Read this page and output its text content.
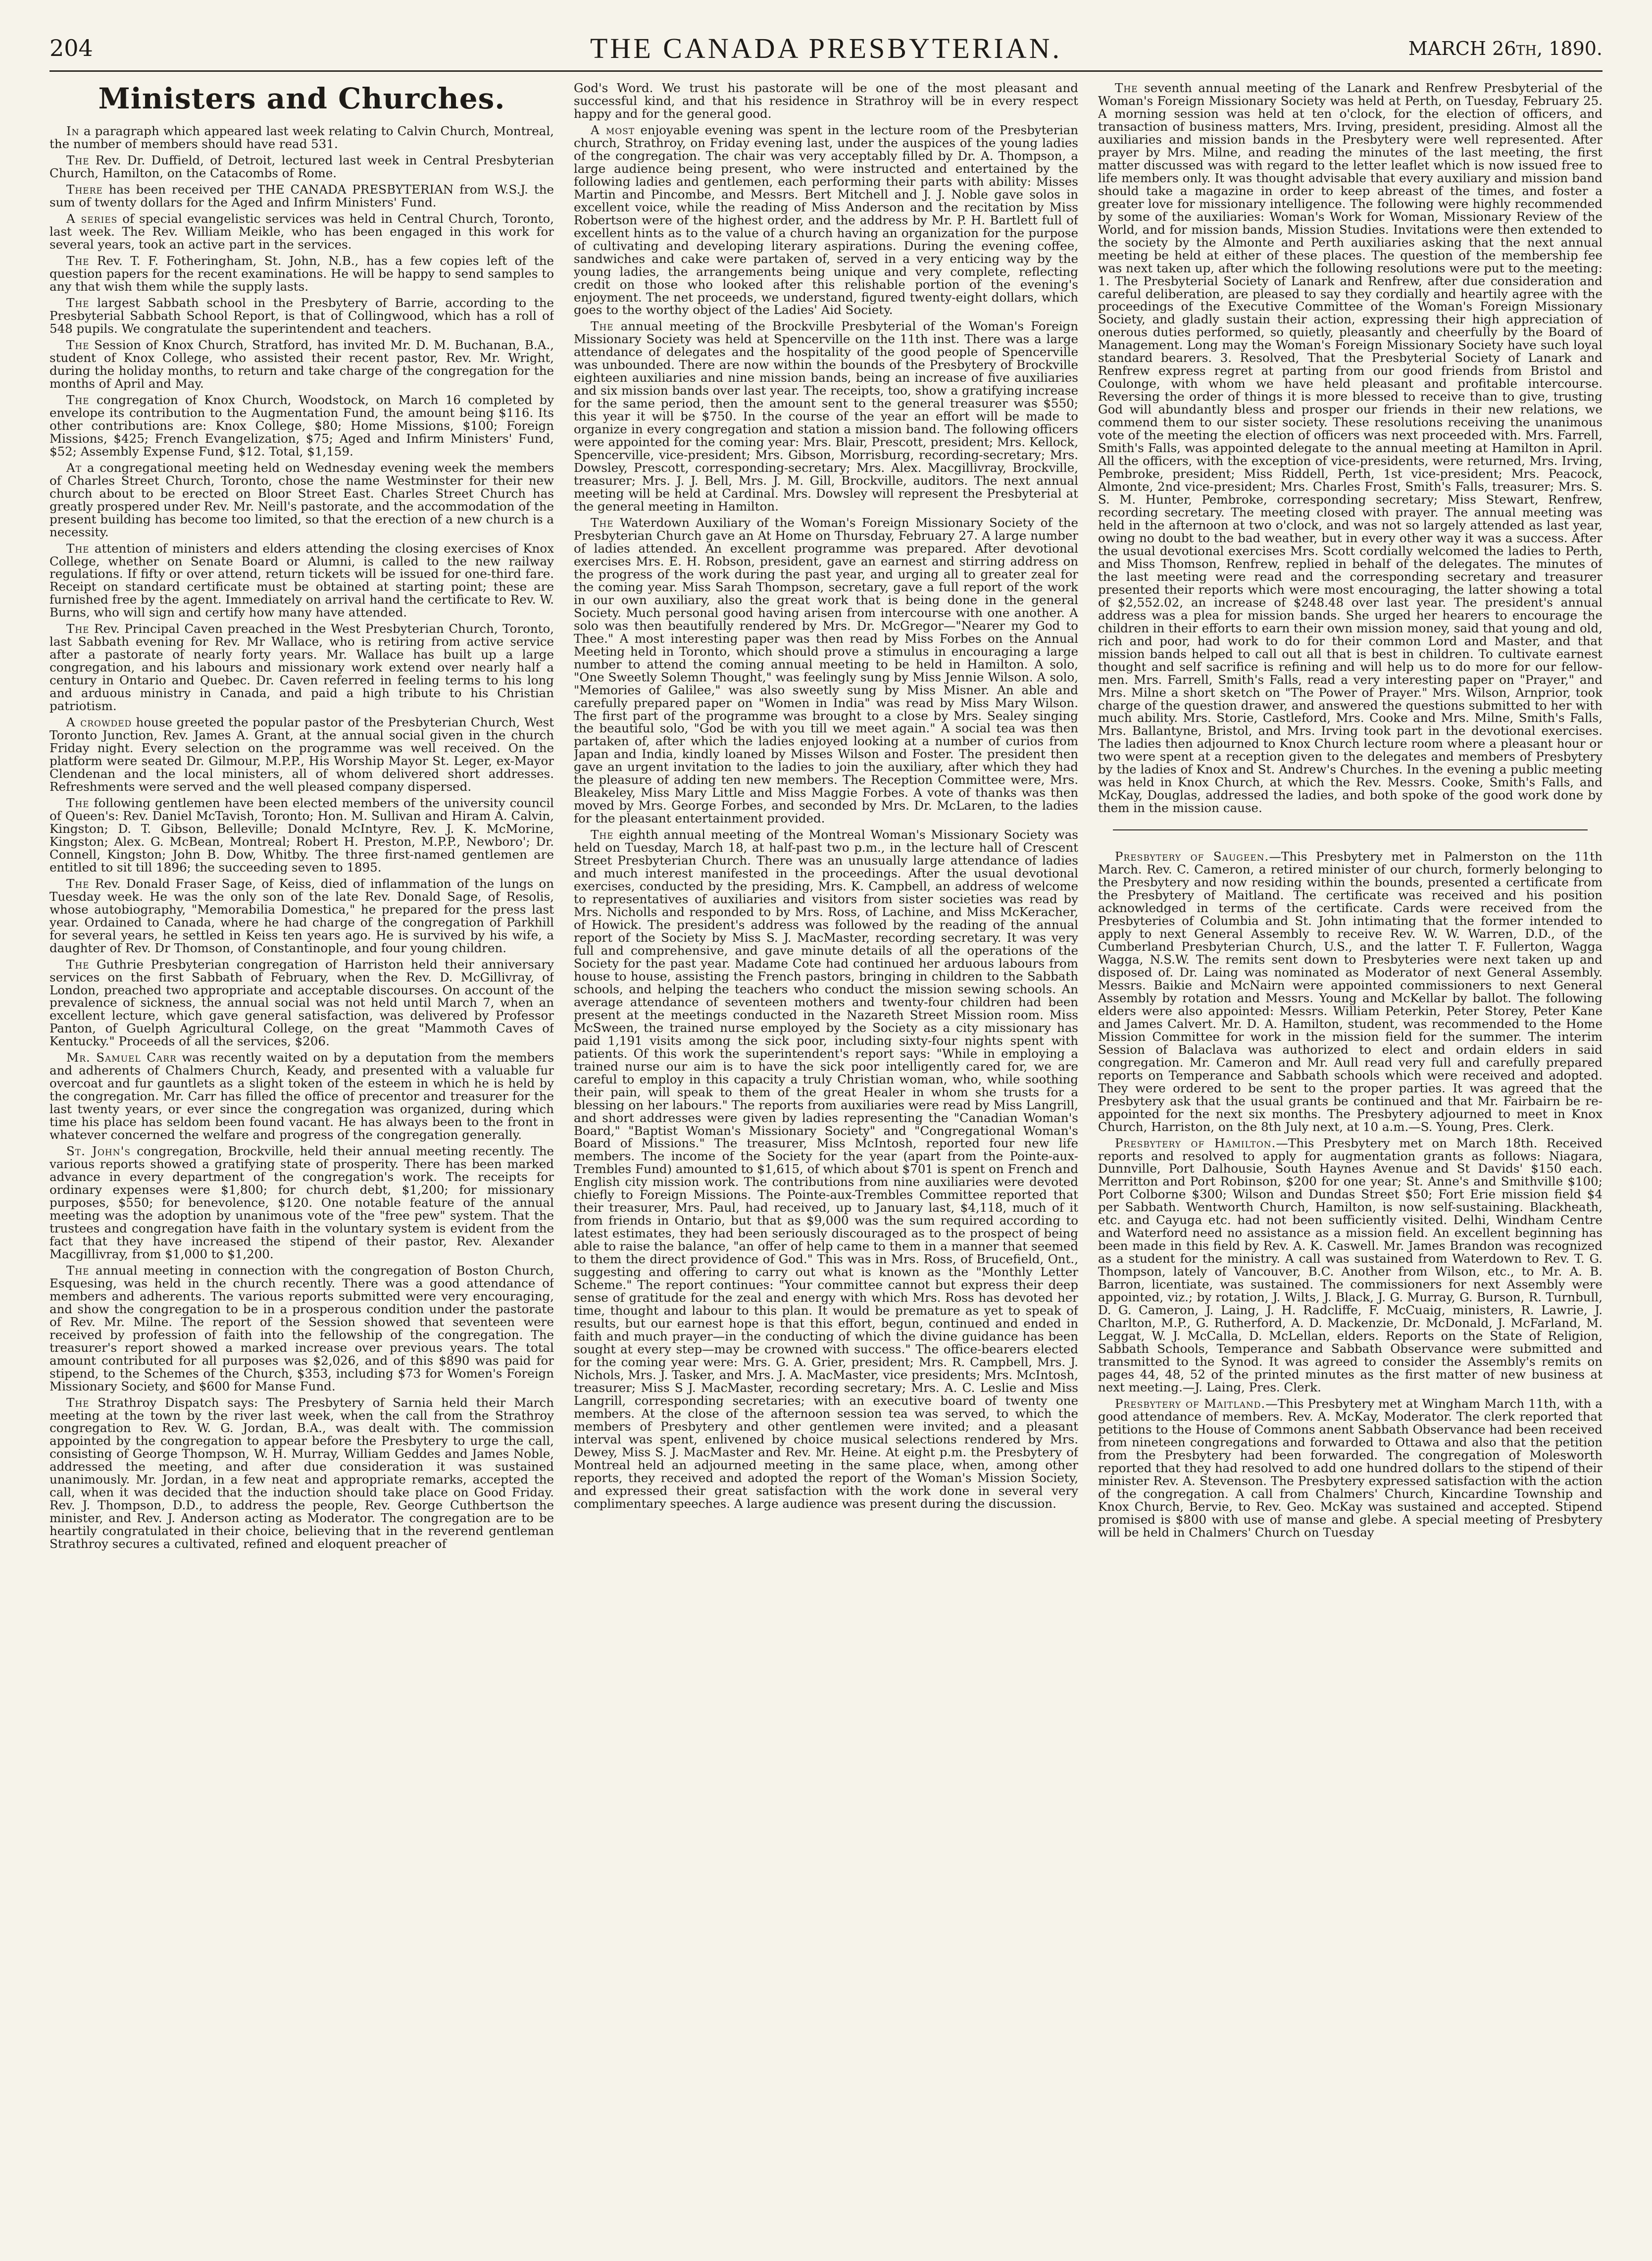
204	THE CANADA PRESBYTERIAN.	MARCH 26th, 1890.
Ministers and Churches.

In a paragraph which appeared last week relating to Calvin Church, Montreal, the number of members should have read 531.

The Rev. Dr. Duffield, of Detroit, lectured last week in Central Presbyterian Church, Hamilton, on the Catacombs of Rome.

There has been received per THE CANADA PRESBYTERIAN from W.S.J. the sum of twenty dollars for the Aged and Infirm Ministers' Fund.

A series of special evangelistic services was held in Central Church, Toronto, last week. The Rev. William Meikle, who has been engaged in this work for several years, took an active part in the services.

The Rev. T. F. Fotheringham, St. John, N.B., has a few copies left of the question papers for the recent examinations. He will be happy to send samples to any that wish them while the supply lasts.

The largest Sabbath school in the Presbytery of Barrie, according to the Presbyterial Sabbath School Report, is that of Collingwood, which has a roll of 548 pupils. We congratulate the superintendent and teachers.

The Session of Knox Church, Stratford, has invited Mr. D. M. Buchanan, B.A., student of Knox College, who assisted their recent pastor, Rev. Mr. Wright, during the holiday months, to return and take charge of the congregation for the months of April and May.

The congregation of Knox Church, Woodstock, on March 16 completed by envelope its contribution to the Augmentation Fund, the amount being $116. Its other contributions are: Knox College, $80; Home Missions, $100; Foreign Missions, $425; French Evangelization, $75; Aged and Infirm Ministers' Fund, $52; Assembly Expense Fund, $12. Total, $1,159.

At a congregational meeting held on Wednesday evening week the members of Charles Street Church, Toronto, chose the name Westminster for their new church about to be erected on Bloor Street East. Charles Street Church has greatly prospered under Rev. Mr. Neill's pastorate, and the accommodation of the present building has become too limited, so that the erection of a new church is a necessity.

The attention of ministers and elders attending the closing exercises of Knox College, whether on Senate Board or Alumni, is called to the new railway regulations. If fifty or over attend, return tickets will be issued for one-third fare. Receipt on standard certificate must be obtained at starting point; these are furnished free by the agent. Immediately on arrival hand the certificate to Rev. W. Burns, who will sign and certify how many have attended.

The Rev. Principal Caven preached in the West Presbyterian Church, Toronto, last Sabbath evening for Rev. Mr Wallace, who is retiring from active service after a pastorate of nearly forty years. Mr. Wallace has built up a large congregation, and his labours and missionary work extend over nearly half a century in Ontario and Quebec. Dr. Caven referred in feeling terms to his long and arduous ministry in Canada, and paid a high tribute to his Christian patriotism.

A crowded house greeted the popular pastor of the Presbyterian Church, West Toronto Junction, Rev. James A. Grant, at the annual social given in the church Friday night. Every selection on the programme was well received. On the platform were seated Dr. Gilmour, M.P.P., His Worship Mayor St. Leger, ex-Mayor Clendenan and the local ministers, all of whom delivered short addresses. Refreshments were served and the well pleased company dispersed.

The following gentlemen have been elected members of the university council of Queen's: Rev. Daniel McTavish, Toronto; Hon. M. Sullivan and Hiram A. Calvin, Kingston; D. T. Gibson, Belleville; Donald McIntyre, Rev. J. K. McMorine, Kingston; Alex. G. McBean, Montreal; Robert H. Preston, M.P.P., Newboro'; Dr. Connell, Kingston; John B. Dow, Whitby. The three first-named gentlemen are entitled to sit till 1896; the succeeding seven to 1895.

The Rev. Donald Fraser Sage, of Keiss, died of inflammation of the lungs on Tuesday week. He was the only son of the late Rev. Donald Sage, of Resolis, whose autobiography, "Memorabilia Domestica," he prepared for the press last year. Ordained to Canada, where he had charge of the congregation of Parkhill for several years, he settled in Keiss ten years ago. He is survived by his wife, a daughter of Rev. Dr Thomson, of Constantinople, and four young children.

The Guthrie Presbyterian congregation of Harriston held their anniversary services on the first Sabbath of February, when the Rev. D. McGillivray, of London, preached two appropriate and acceptable discourses. On account of the prevalence of sickness, the annual social was not held until March 7, when an excellent lecture, which gave general satisfaction, was delivered by Professor Panton, of Guelph Agricultural College, on the great "Mammoth Caves of Kentucky." Proceeds of all the services, $206.

Mr. Samuel Carr was recently waited on by a deputation from the members and adherents of Chalmers Church, Keady, and presented with a valuable fur overcoat and fur gauntlets as a slight token of the esteem in which he is held by the congregation. Mr. Carr has filled the office of precentor and treasurer for the last twenty years, or ever since the congregation was organized, during which time his place has seldom been found vacant. He has always been to the front in whatever concerned the welfare and progress of the congregation generally.

St. John's congregation, Brockville, held their annual meeting recently. The various reports showed a gratifying state of prosperity. There has been marked advance in every department of the congregation's work. The receipts for ordinary expenses were $1,800; for church debt, $1,200; for missionary purposes, $550; for benevolence, $120. One notable feature of the annual meeting was the adoption by unanimous vote of the "free pew" system. That the trustees and congregation have faith in the voluntary system is evident from the fact that they have increased the stipend of their pastor, Rev. Alexander Macgillivray, from $1,000 to $1,200.

The annual meeting in connection with the congregation of Boston Church, Esquesing, was held in the church recently. There was a good attendance of members and adherents. The various reports submitted were very encouraging, and show the congregation to be in a prosperous condition under the pastorate of Rev. Mr. Milne. The report of the Session showed that seventeen were received by profession of faith into the fellowship of the congregation. The treasurer's report showed a marked increase over previous years. The total amount contributed for all purposes was $2,026, and of this $890 was paid for stipend, to the Schemes of the Church, $353, including $73 for Women's Foreign Missionary Society, and $600 for Manse Fund.

The Strathroy Dispatch says: The Presbytery of Sarnia held their March meeting at the town by the river last week, when the call from the Strathroy congregation to Rev. W. G. Jordan, B.A., was dealt with. The commission appointed by the congregation to appear before the Presbytery to urge the call, consisting of George Thompson, W. H. Murray, William Geddes and James Noble, addressed the meeting, and after due consideration it was sustained unanimously. Mr. Jordan, in a few neat and appropriate remarks, accepted the call, when it was decided that the induction should take place on Good Friday. Rev. J. Thompson, D.D., to address the people, Rev. George Cuthbertson the minister, and Rev. J. Anderson acting as Moderator. The congregation are to be heartily congratulated in their choice, believing that in the reverend gentleman Strathroy secures a cultivated, refined and eloquent preacher of

God's Word. We trust his pastorate will be one of the most pleasant and successful kind, and that his residence in Strathroy will be in every respect happy and for the general good.

A most enjoyable evening was spent in the lecture room of the Presbyterian church, Strathroy, on Friday evening last, under the auspices of the young ladies of the congregation. The chair was very acceptably filled by Dr. A. Thompson, a large audience being present, who were instructed and entertained by the following ladies and gentlemen, each performing their parts with ability: Misses Martin and Pincombe, and Messrs. Bert Mitchell and J. J. Noble gave solos in excellent voice, while the reading of Miss Anderson and the recitation by Miss Robertson were of the highest order, and the address by Mr. P. H. Bartlett full of excellent hints as to the value of a church having an organization for the purpose of cultivating and developing literary aspirations. During the evening coffee, sandwiches and cake were partaken of, served in a very enticing way by the young ladies, the arrangements being unique and very complete, reflecting credit on those who looked after this relishable portion of the evening's enjoyment. The net proceeds, we understand, figured twenty-eight dollars, which goes to the worthy object of the Ladies' Aid Society.

The annual meeting of the Brockville Presbyterial of the Woman's Foreign Missionary Society was held at Spencerville on the 11th inst. There was a large attendance of delegates and the hospitality of the good people of Spencerville was unbounded. There are now within the bounds of the Presbytery of Brockville eighteen auxiliaries and nine mission bands, being an increase of five auxiliaries and six mission bands over last year. The receipts, too, show a gratifying increase for the same period, then the amount sent to the general treasurer was $550; this year it will be $750. In the course of the year an effort will be made to organize in every congregation and station a mission band. The following officers were appointed for the coming year: Mrs. Blair, Prescott, president; Mrs. Kellock, Spencerville, vice-president; Mrs. Gibson, Morrisburg, recording-secretary; Mrs. Dowsley, Prescott, corresponding-secretary; Mrs. Alex. Macgillivray, Brockville, treasurer; Mrs. J. J. Bell, Mrs. J. M. Gill, Brockville, auditors. The next annual meeting will be held at Cardinal. Mrs. Dowsley will represent the Presbyterial at the general meeting in Hamilton.

The Waterdown Auxiliary of the Woman's Foreign Missionary Society of the Presbyterian Church gave an At Home on Thursday, February 27. A large number of ladies attended. An excellent programme was prepared. After devotional exercises Mrs. E. H. Robson, president, gave an earnest and stirring address on the progress of the work during the past year, and urging all to greater zeal for the coming year. Miss Sarah Thompson, secretary, gave a full report of the work in our own auxiliary, also the great work that is being done in the general Society. Much personal good having arisen from intercourse with one another. A solo was then beautifully rendered by Mrs. Dr. McGregor—"Nearer my God to Thee." A most interesting paper was then read by Miss Forbes on the Annual Meeting held in Toronto, which should prove a stimulus in encouraging a large number to attend the coming annual meeting to be held in Hamilton. A solo, "One Sweetly Solemn Thought," was feelingly sung by Miss Jennie Wilson. A solo, "Memories of Galilee," was also sweetly sung by Miss Misner. An able and carefully prepared paper on "Women in India" was read by Miss Mary Wilson. The first part of the programme was brought to a close by Mrs. Sealey singing the beautiful solo, "God be with you till we meet again." A social tea was then partaken of, after which the ladies enjoyed looking at a number of curios from Japan and India, kindly loaned by Misses Wilson and Foster. The president then gave an urgent invitation to the ladies to join the auxiliary, after which they had the pleasure of adding ten new members. The Reception Committee were, Mrs. Bleakeley, Miss Mary Little and Miss Maggie Forbes. A vote of thanks was then moved by Mrs. George Forbes, and seconded by Mrs. Dr. McLaren, to the ladies for the pleasant entertainment provided.

The eighth annual meeting of the Montreal Woman's Missionary Society was held on Tuesday, March 18, at half-past two p.m., in the lecture hall of Crescent Street Presbyterian Church. There was an unusually large attendance of ladies and much interest manifested in the proceedings. After the usual devotional exercises, conducted by the presiding, Mrs. K. Campbell, an address of welcome to representatives of auxiliaries and visitors from sister societies was read by Mrs. Nicholls and responded to by Mrs. Ross, of Lachine, and Miss McKeracher, of Howick. The president's address was followed by the reading of the annual report of the Society by Miss S. J. MacMaster, recording secretary. It was very full and comprehensive, and gave minute details of all the operations of the Society for the past year. Madame Cote had continued her arduous labours from house to house, assisting the French pastors, bringing in children to the Sabbath schools, and helping the teachers who conduct the mission sewing schools. An average attendance of seventeen mothers and twenty-four children had been present at the meetings conducted in the Nazareth Street Mission room. Miss McSween, the trained nurse employed by the Society as a city missionary has paid 1,191 visits among the sick poor, including sixty-four nights spent with patients. Of this work the superintendent's report says: "While in employing a trained nurse our aim is to have the sick poor intelligently cared for, we are careful to employ in this capacity a truly Christian woman, who, while soothing their pain, will speak to them of the great Healer in whom she trusts for a blessing on her labours." The reports from auxiliaries were read by Miss Langrill, and short addresses were given by ladies representing the "Canadian Woman's Board," "Baptist Woman's Missionary Society" and "Congregational Woman's Board of Missions." The treasurer, Miss McIntosh, reported four new life members. The income of the Society for the year (apart from the Pointe-aux-Trembles Fund) amounted to $1,615, of which about $701 is spent on French and English city mission work. The contributions from nine auxiliaries were devoted chiefly to Foreign Missions. The Pointe-aux-Trembles Committee reported that their treasurer, Mrs. Paul, had received, up to January last, $4,118, much of it from friends in Ontario, but that as $9,000 was the sum required according to latest estimates, they had been seriously discouraged as to the prospect of being able to raise the balance, "an offer of help came to them in a manner that seemed to them the direct providence of God." This was in Mrs. Ross, of Brucefield, Ont., suggesting and offering to carry out what is known as the "Monthly Letter Scheme." The report continues: "Your committee cannot but express their deep sense of gratitude for the zeal and energy with which Mrs. Ross has devoted her time, thought and labour to this plan. It would be premature as yet to speak of results, but our earnest hope is that this effort, begun, continued and ended in faith and much prayer—in the conducting of which the divine guidance has been sought at every step—may be crowned with success." The office-bearers elected for the coming year were: Mrs. G. A. Grier, president; Mrs. R. Campbell, Mrs. J. Nichols, Mrs. J. Tasker, and Mrs. J. A. MacMaster, vice presidents; Mrs. McIntosh, treasurer; Miss S J. MacMaster, recording secretary; Mrs. A. C. Leslie and Miss Langrill, corresponding secretaries; with an executive board of twenty one members. At the close of the afternoon session tea was served, to which the members of Presbytery and other gentlemen were invited; and a pleasant interval was spent, enlivened by choice musical selections rendered by Mrs. Dewey, Miss S. J. MacMaster and Rev. Mr. Heine. At eight p.m. the Presbytery of Montreal held an adjourned meeting in the same place, when, among other reports, they received and adopted the report of the Woman's Mission Society, and expressed their great satisfaction with the work done in several very complimentary speeches. A large audience was present during the discussion.

The seventh annual meeting of the Lanark and Renfrew Presbyterial of the Woman's Foreign Missionary Society was held at Perth, on Tuesday, February 25. A morning session was held at ten o'clock, for the election of officers, and transaction of business matters, Mrs. Irving, president, presiding. Almost all the auxiliaries and mission bands in the Presbytery were well represented. After prayer by Mrs. Milne, and reading the minutes of the last meeting, the first matter discussed was with regard to the letter leaflet which is now issued free to life members only. It was thought advisable that every auxiliary and mission band should take a magazine in order to keep abreast of the times, and foster a greater love for missionary intelligence. The following were highly recommended by some of the auxiliaries: Woman's Work for Woman, Missionary Review of the World, and for mission bands, Mission Studies. Invitations were then extended to the society by the Almonte and Perth auxiliaries asking that the next annual meeting be held at either of these places. The question of the membership fee was next taken up, after which the following resolutions were put to the meeting: 1. The Presbyterial Society of Lanark and Renfrew, after due consideration and careful deliberation, are pleased to say they cordially and heartily agree with the proceedings of the Executive Committee of the Woman's Foreign Missionary Society, and gladly sustain their action, expressing their high appreciation of onerous duties performed, so quietly, pleasantly and cheerfully by the Board of Management. Long may the Woman's Foreign Missionary Society have such loyal standard bearers. 3. Resolved, That the Presbyterial Society of Lanark and Renfrew express regret at parting from our good friends from Bristol and Coulonge, with whom we have held pleasant and profitable intercourse. Reversing the order of things it is more blessed to receive than to give, trusting God will abundantly bless and prosper our friends in their new relations, we commend them to our sister society. These resolutions receiving the unanimous vote of the meeting the election of officers was next proceeded with. Mrs. Farrell, Smith's Falls, was appointed delegate to the annual meeting at Hamilton in April. All the officers, with the exception of vice-presidents, were returned, Mrs. Irving, Pembroke, president; Miss Riddell, Perth, 1st vice-president; Mrs. Peacock, Almonte, 2nd vice-president; Mrs. Charles Frost, Smith's Falls, treasurer; Mrs. S. S. M. Hunter, Pembroke, corresponding secretary; Miss Stewart, Renfrew, recording secretary. The meeting closed with prayer. The annual meeting was held in the afternoon at two o'clock, and was not so largely attended as last year, owing no doubt to the bad weather, but in every other way it was a success. After the usual devotional exercises Mrs. Scott cordially welcomed the ladies to Perth, and Miss Thomson, Renfrew, replied in behalf of the delegates. The minutes of the last meeting were read and the corresponding secretary and treasurer presented their reports which were most encouraging, the latter showing a total of $2,552.02, an increase of $248.48 over last year. The president's annual address was a plea for mission bands. She urged her hearers to encourage the children in their efforts to earn their own mission money, said that young and old, rich and poor, had work to do for their common Lord and Master, and that mission bands helped to call out all that is best in children. To cultivate earnest thought and self sacrifice is refining and will help us to do more for our fellow-men. Mrs. Farrell, Smith's Falls, read a very interesting paper on "Prayer," and Mrs. Milne a short sketch on "The Power of Prayer." Mrs. Wilson, Arnprior, took charge of the question drawer, and answered the questions submitted to her with much ability. Mrs. Storie, Castleford, Mrs. Cooke and Mrs. Milne, Smith's Falls, Mrs. Ballantyne, Bristol, and Mrs. Irving took part in the devotional exercises. The ladies then adjourned to Knox Church lecture room where a pleasant hour or two were spent at a reception given to the delegates and members of Presbytery by the ladies of Knox and St. Andrew's Churches. In the evening a public meeting was held in Knox Church, at which the Rev. Messrs. Cooke, Smith's Falls, and McKay, Douglas, addressed the ladies, and both spoke of the good work done by them in the mission cause.

Presbytery of Saugeen.—This Presbytery met in Palmerston on the 11th March. Rev. C. Cameron, a retired minister of our church, formerly belonging to the Presbytery and now residing within the bounds, presented a certificate from the Presbytery of Maitland. The certificate was received and his position acknowledged in terms of the certificate. Cards were received from the Presbyteries of Columbia and St. John intimating that the former intended to apply to next General Assembly to receive Rev. W. W. Warren, D.D., of the Cumberland Presbyterian Church, U.S., and the latter T. F. Fullerton, Wagga Wagga, N.S.W. The remits sent down to Presbyteries were next taken up and disposed of. Dr. Laing was nominated as Moderator of next General Assembly. Messrs. Baikie and McNairn were appointed commissioners to next General Assembly by rotation and Messrs. Young and McKellar by ballot. The following elders were also appointed: Messrs. William Peterkin, Peter Storey, Peter Kane and James Calvert. Mr. D. A. Hamilton, student, was recommended to the Home Mission Committee for work in the mission field for the summer. The interim Session of Balaclava was authorized to elect and ordain elders in said congregation. Mr. Cameron and Mr. Aull read very full and carefully prepared reports on Temperance and Sabbath schools which were received and adopted. They were ordered to be sent to the proper parties. It was agreed that the Presbytery ask that the usual grants be continued and that Mr. Fairbairn be re-appointed for the next six months. The Presbytery adjourned to meet in Knox Church, Harriston, on the 8th July next, at 10 a.m.—S. Young, Pres. Clerk.

Presbytery of Hamilton.—This Presbytery met on March 18th. Received reports and resolved to apply for augmentation grants as follows: Niagara, Dunnville, Port Dalhousie, South Haynes Avenue and St Davids' $150 each. Merritton and Port Robinson, $200 for one year; St. Anne's and Smithville $100; Port Colborne $300; Wilson and Dundas Street $50; Fort Erie mission field $4 per Sabbath. Wentworth Church, Hamilton, is now self-sustaining. Blackheath, etc. and Cayuga etc. had not been sufficiently visited. Delhi, Windham Centre and Waterford need no assistance as a mission field. An excellent beginning has been made in this field by Rev. A. K. Caswell. Mr. James Brandon was recognized as a student for the ministry. A call was sustained from Waterdown to Rev. T. G. Thompson, lately of Vancouver, B.C. Another from Wilson, etc., to Mr. A. B. Barron, licentiate, was sustained. The commissioners for next Assembly were appointed, viz.; by rotation, J. Wilts, J. Black, J. G. Murray, G. Burson, R. Turnbull, D. G. Cameron, J. Laing, J. H. Radcliffe, F. McCuaig, ministers, R. Lawrie, J. Charlton, M.P., G. Rutherford, A. D. Mackenzie, Dr. McDonald, J. McFarland, M. Leggat, W. J. McCalla, D. McLellan, elders. Reports on the State of Religion, Sabbath Schools, Temperance and Sabbath Observance were submitted and transmitted to the Synod. It was agreed to consider the Assembly's remits on pages 44, 48, 52 of the printed minutes as the first matter of new business at next meeting.—J. Laing, Pres. Clerk.

Presbytery of Maitland.—This Presbytery met at Wingham March 11th, with a good attendance of members. Rev. A. McKay, Moderator. The clerk reported that petitions to the House of Commons anent Sabbath Observance had been received from nineteen congregations and forwarded to Ottawa and also that the petition from the Presbytery had been forwarded. The congregation of Molesworth reported that they had resolved to add one hundred dollars to the stipend of their minister Rev. A. Stevenson. The Presbytery expressed satisfaction with the action of the congregation. A call from Chalmers' Church, Kincardine Township and Knox Church, Bervie, to Rev. Geo. McKay was sustained and accepted. Stipend promised is $800 with use of manse and glebe. A special meeting of Presbytery will be held in Chalmers' Church on Tuesday
